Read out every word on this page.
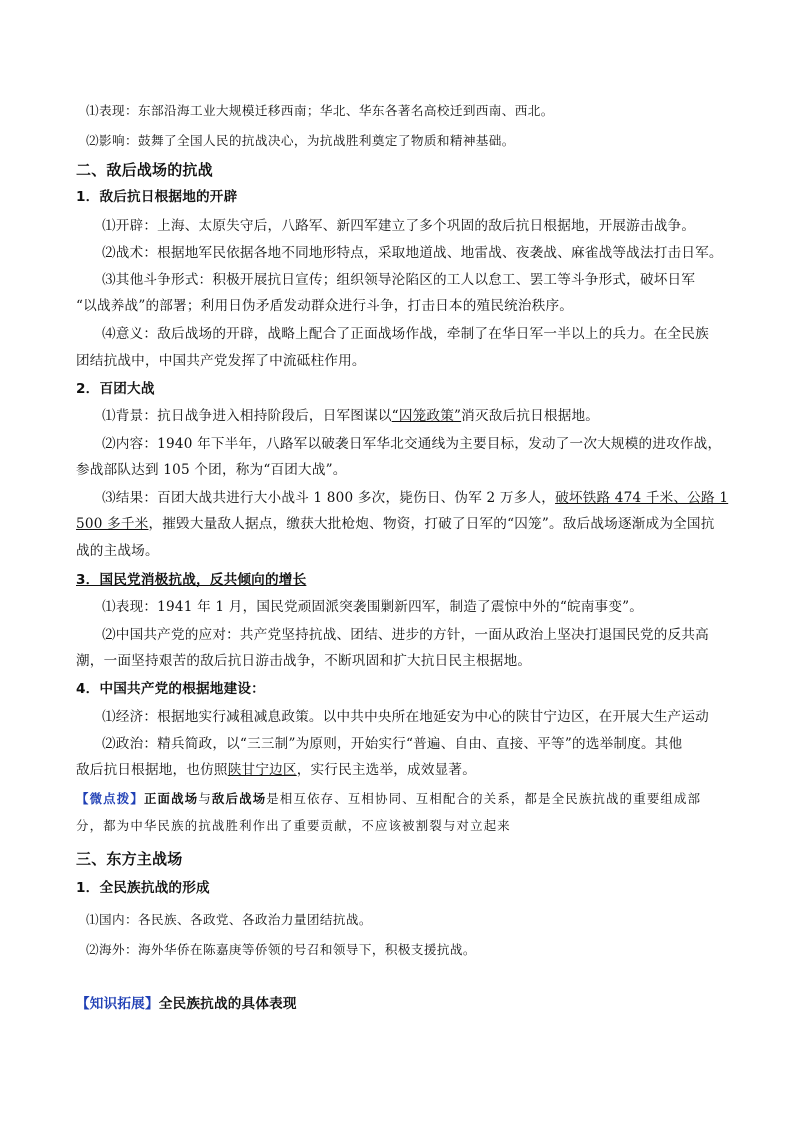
⑴表现：东部沿海工业大规模迁移西南；华北、华东各著名高校迁到西南、西北。
⑵影响：鼓舞了全国人民的抗战决心，为抗战胜利奠定了物质和精神基础。
二、敌后战场的抗战
1．敌后抗日根据地的开辟
⑴开辟：上海、太原失守后，八路军、新四军建立了多个巩固的敌后抗日根据地，开展游击战争。
⑵战术：根据地军民依据各地不同地形特点，采取地道战、地雷战、夜袭战、麻雀战等战法打击日军。
⑶其他斗争形式：积极开展抗日宣传；组织领导沦陷区的工人以怠工、罢工等斗争形式，破坏日军
“以战养战”的部署；利用日伪矛盾发动群众进行斗争，打击日本的殖民统治秩序。
⑷意义：敌后战场的开辟，战略上配合了正面战场作战，牵制了在华日军一半以上的兵力。在全民族
团结抗战中，中国共产党发挥了中流砥柱作用。
2．百团大战
⑴背景：抗日战争进入相持阶段后，日军图谋以“囚笼政策”消灭敌后抗日根据地。
⑵内容：1940 年下半年，八路军以破袭日军华北交通线为主要目标，发动了一次大规模的进攻作战，
参战部队达到 105 个团，称为“百团大战”。
⑶结果：百团大战共进行大小战斗 1 800 多次，毙伤日、伪军 2 万多人，破坏铁路 474 千米、公路 1
500 多千米，摧毁大量敌人据点，缴获大批枪炮、物资，打破了日军的“囚笼”。敌后战场逐渐成为全国抗
战的主战场。
3．国民党消极抗战，反共倾向的增长
⑴表现：1941 年 1 月，国民党顽固派突袭围剿新四军，制造了震惊中外的“皖南事变”。
⑵中国共产党的应对：共产党坚持抗战、团结、进步的方针，一面从政治上坚决打退国民党的反共高
潮，一面坚持艰苦的敌后抗日游击战争，不断巩固和扩大抗日民主根据地。
4．中国共产党的根据地建设：
⑴经济：根据地实行减租减息政策。以中共中央所在地延安为中心的陕甘宁边区，在开展大生产运动
⑵政治：精兵简政，以“三三制”为原则，开始实行“普遍、自由、直接、平等”的选举制度。其他
敌后抗日根据地，也仿照陕甘宁边区，实行民主选举，成效显著。
【微点拨】正面战场与敌后战场是相互依存、互相协同、互相配合的关系，都是全民族抗战的重要组成部
分，都为中华民族的抗战胜利作出了重要贡献，不应该被割裂与对立起来
三、东方主战场
1．全民族抗战的形成
⑴国内：各民族、各政党、各政治力量团结抗战。
⑵海外：海外华侨在陈嘉庚等侨领的号召和领导下，积极支援抗战。
【知识拓展】全民族抗战的具体表现
